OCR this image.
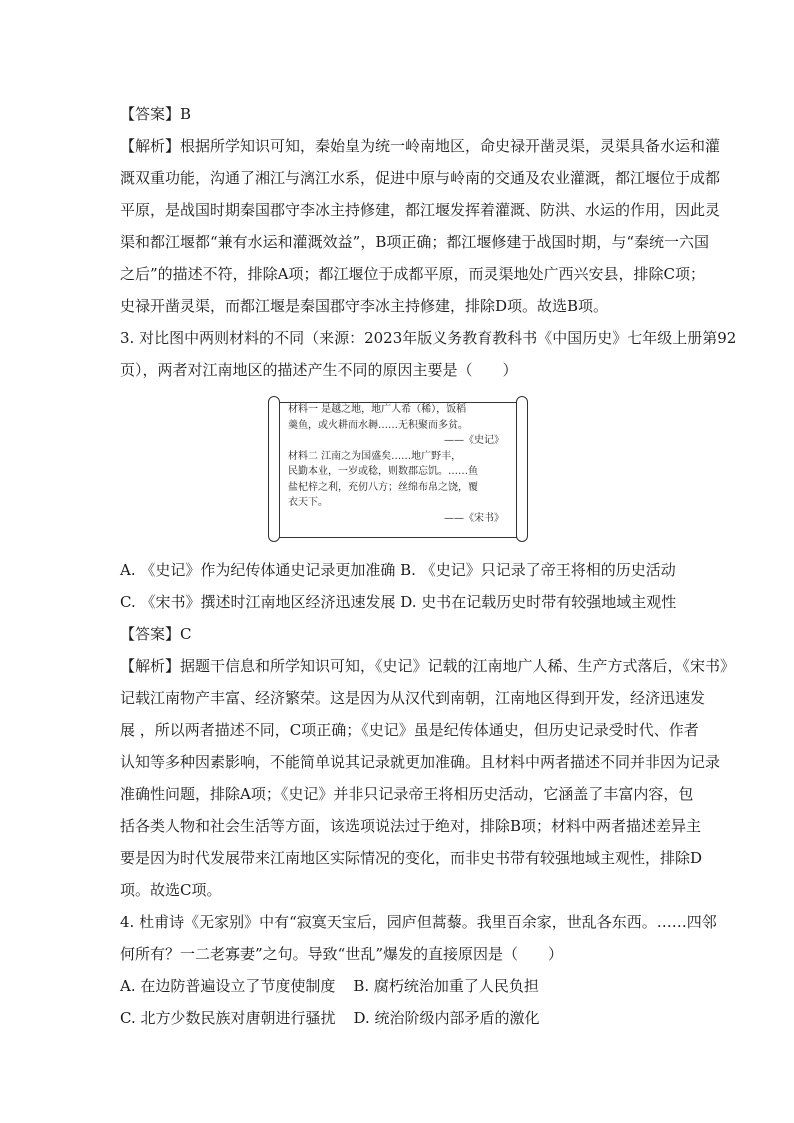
【答案】B

【解析】根据所学知识可知，秦始皇为统一岭南地区，命史禄开凿灵渠，灵渠具备水运和灌

溉双重功能，沟通了湘江与漓江水系，促进中原与岭南的交通及农业灌溉，都江堰位于成都

平原，是战国时期秦国郡守李冰主持修建，都江堰发挥着灌溉、防洪、水运的作用，因此灵

渠和都江堰都“兼有水运和灌溉效益”，B项正确；都江堰修建于战国时期，与“秦统一六国

之后”的描述不符，排除A项；都江堰位于成都平原，而灵渠地处广西兴安县，排除C项；

史禄开凿灵渠，而都江堰是秦国郡守李冰主持修建，排除D项。故选B项。

3. 对比图中两则材料的不同（来源：2023年版义务教育教科书《中国历史》七年级上册第92

页），两者对江南地区的描述产生不同的原因主要是（　　）

材料一 是越之地，地广人希（稀），饭稻
羹鱼，或火耕而水耨……无积聚而多贫。
——《史记》
材料二 江南之为国盛矣……地广野丰，
民勤本业，一岁或稔，则数郡忘饥。……鱼
盐杞梓之利，充仞八方；丝绵布帛之饶，覆
衣天下。
——《宋书》

A. 《史记》作为纪传体通史记录更加准确 B. 《史记》只记录了帝王将相的历史活动

C. 《宋书》撰述时江南地区经济迅速发展 D. 史书在记载历史时带有较强地域主观性

【答案】C

【解析】据题干信息和所学知识可知，《史记》记载的江南地广人稀、生产方式落后，《宋书》

记载江南物产丰富、经济繁荣。这是因为从汉代到南朝，江南地区得到开发，经济迅速发

展 ，所以两者描述不同，C项正确；《史记》虽是纪传体通史，但历史记录受时代、作者

认知等多种因素影响，不能简单说其记录就更加准确。且材料中两者描述不同并非因为记录

准确性问题，排除A项；《史记》并非只记录帝王将相历史活动，它涵盖了丰富内容，包

括各类人物和社会生活等方面，该选项说法过于绝对，排除B项；材料中两者描述差异主

要是因为时代发展带来江南地区实际情况的变化，而非史书带有较强地域主观性，排除D

项。故选C项。

4. 杜甫诗《无家别》中有“寂寞天宝后，园庐但蒿藜。我里百余家，世乱各东西。……四邻

何所有？一二老寡妻”之句。导致“世乱”爆发的直接原因是（　　）

A. 在边防普遍设立了节度使制度 B. 腐朽统治加重了人民负担

C. 北方少数民族对唐朝进行骚扰 D. 统治阶级内部矛盾的激化
